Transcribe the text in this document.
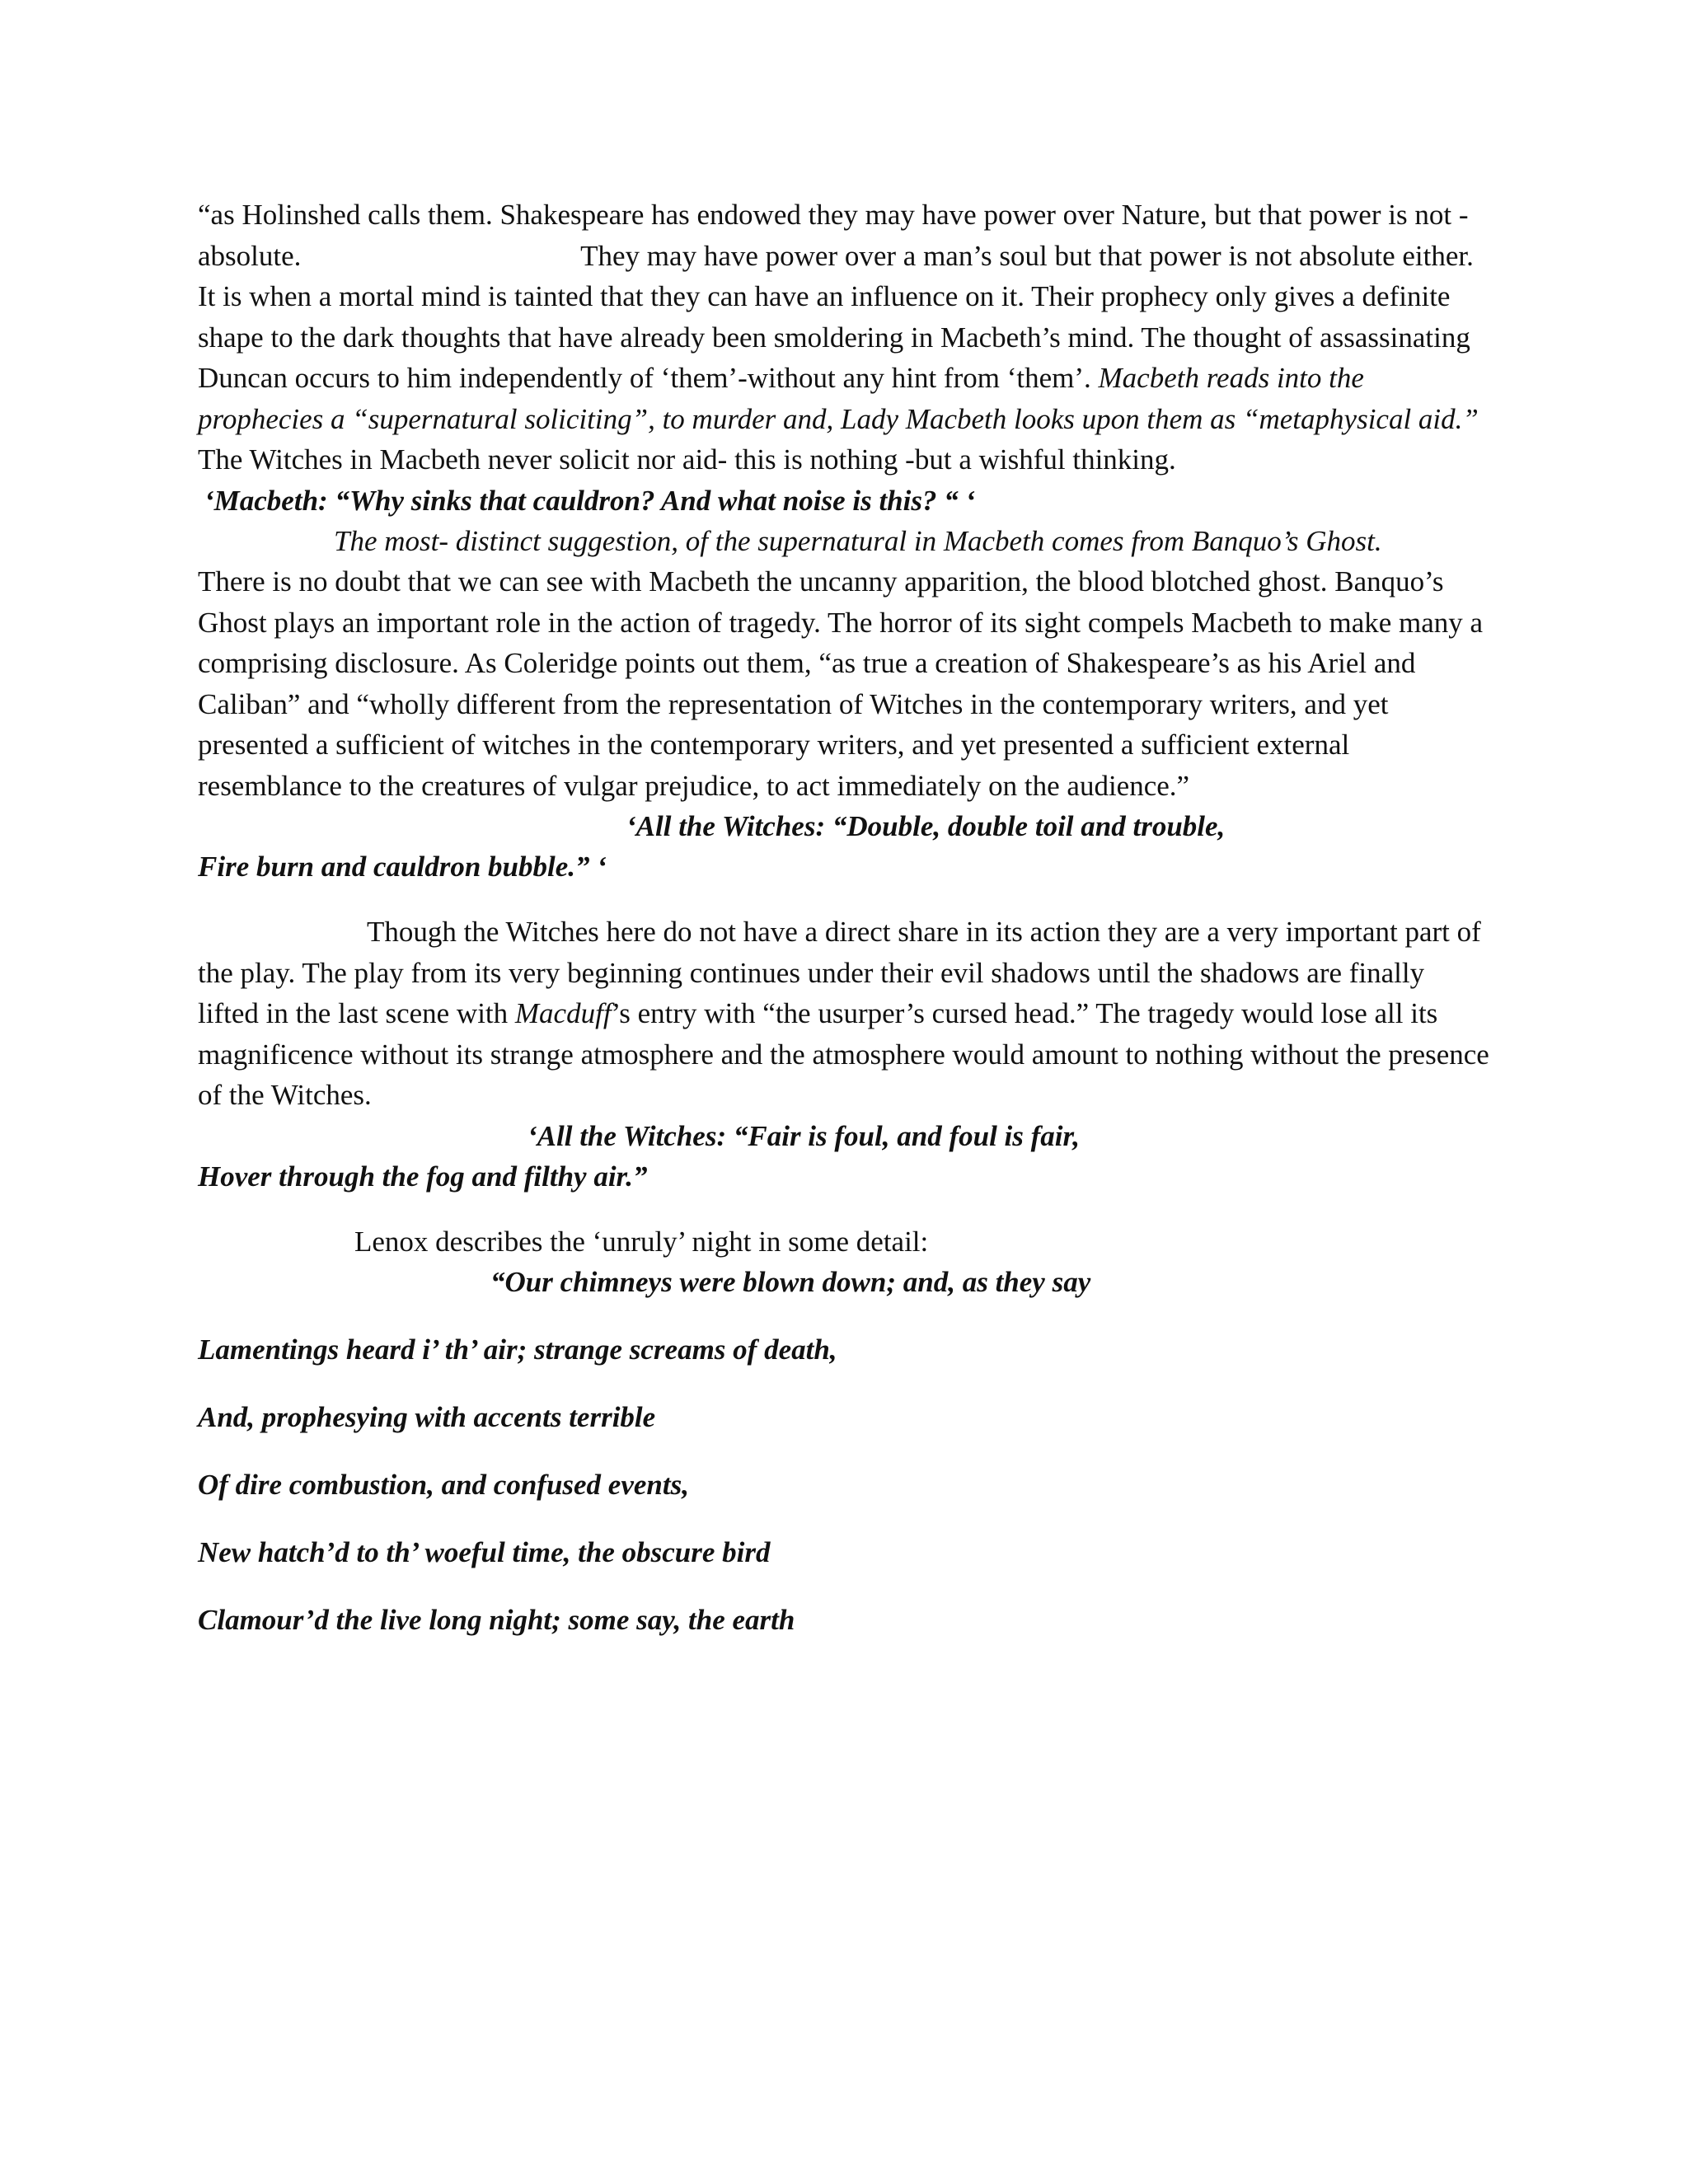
“as Holinshed calls them. Shakespeare has endowed they may have power over Nature, but that power is not -absolute.	They may have power over a man’s soul but that power is not absolute either. It is when a mortal mind is tainted that they can have an influence on it. Their prophecy only gives a definite shape to the dark thoughts that have already been smoldering in Macbeth’s mind. The thought of assassinating Duncan occurs to him independently of ‘them’-without any hint from ‘them’. Macbeth reads into the prophecies a “supernatural soliciting”, to murder and, Lady Macbeth looks upon them as “metaphysical aid.” The Witches in Macbeth never solicit nor aid- this is nothing -but a wishful thinking.

‘Macbeth: “Why sinks that cauldron? And what noise is this? “ ‘

The most- distinct suggestion, of the supernatural in Macbeth comes from Banquo’s Ghost.

There is no doubt that we can see with Macbeth the uncanny apparition, the blood blotched ghost. Banquo’s Ghost plays an important role in the action of tragedy. The horror of its sight compels Macbeth to make many a comprising disclosure. As Coleridge points out them, “as true a creation of Shakespeare’s as his Ariel and Caliban” and “wholly different from the representation of Witches in the contemporary writers, and yet presented a sufficient of witches in the contemporary writers, and yet presented a sufficient external resemblance to the creatures of vulgar prejudice, to act immediately on the audience.”

‘All the Witches: “Double, double toil and trouble,

Fire burn and cauldron bubble.” ‘

Though the Witches here do not have a direct share in its action they are a very important part of the play. The play from its very beginning continues under their evil shadows until the shadows are finally lifted in the last scene with Macduff’s entry with “the usurper’s cursed head.” The tragedy would lose all its magnificence without its strange atmosphere and the atmosphere would amount to nothing without the presence of the Witches.

‘All the Witches: “Fair is foul, and foul is fair,

Hover through the fog and filthy air.”

Lenox describes the ‘unruly’ night in some detail:

“Our chimneys were blown down; and, as they say

Lamentings heard i’ th’ air; strange screams of death,

And, prophesying with accents terrible

Of dire combustion, and confused events,

New hatch’d to th’ woeful time, the obscure bird

Clamour’d the live long night; some say, the earth
